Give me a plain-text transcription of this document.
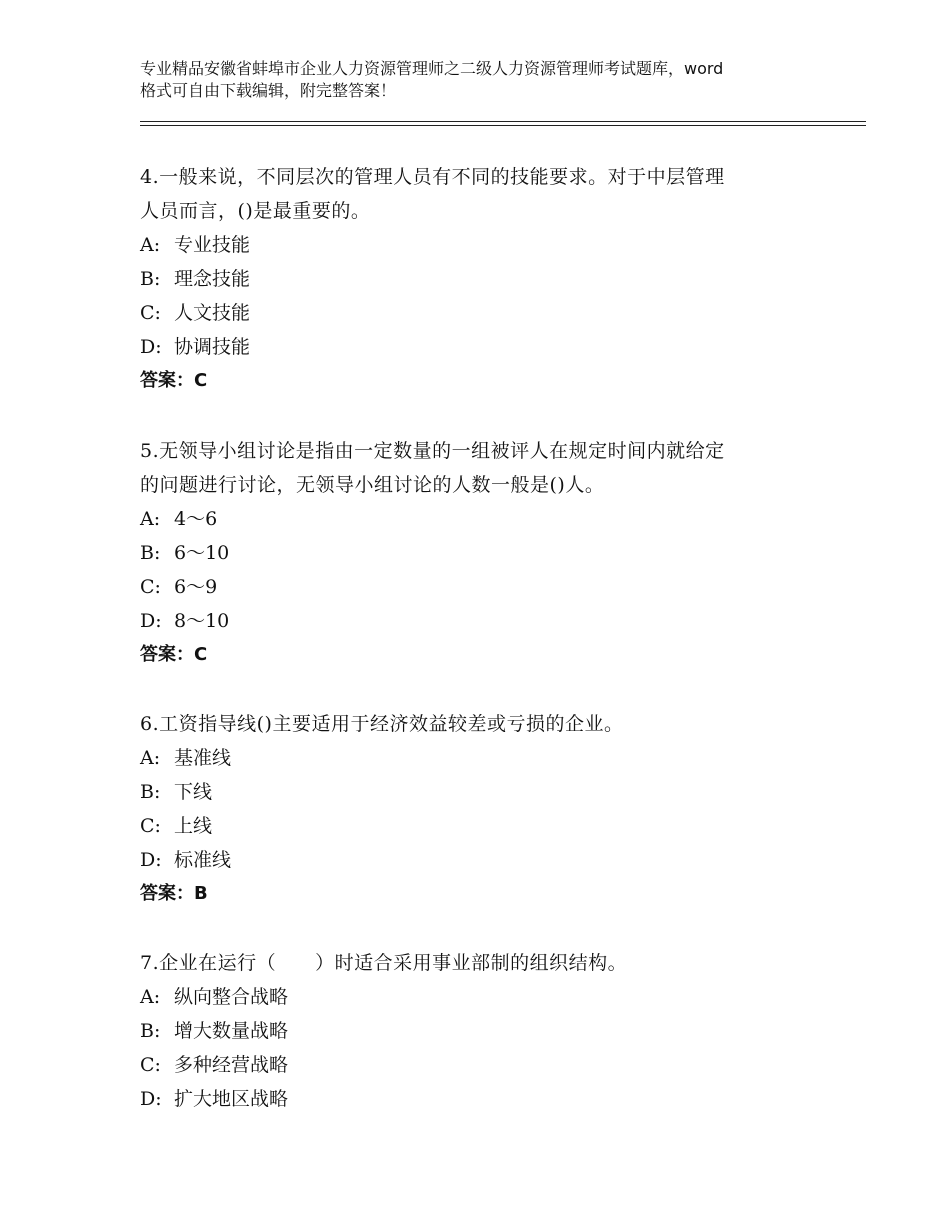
专业精品安徽省蚌埠市企业人力资源管理师之二级人力资源管理师考试题库，word
格式可自由下载编辑，附完整答案！
4.一般来说，不同层次的管理人员有不同的技能要求。对于中层管理
人员而言，()是最重要的。
A: 专业技能
B: 理念技能
C: 人文技能
D: 协调技能
答案：C
5.无领导小组讨论是指由一定数量的一组被评人在规定时间内就给定
的问题进行讨论，无领导小组讨论的人数一般是()人。
A: 4～6
B: 6～10
C: 6～9
D: 8～10
答案：C
6.工资指导线()主要适用于经济效益较差或亏损的企业。
A: 基准线
B: 下线
C: 上线
D: 标准线
答案：B
7.企业在运行（　　）时适合采用事业部制的组织结构。
A: 纵向整合战略
B: 增大数量战略
C: 多种经营战略
D: 扩大地区战略
